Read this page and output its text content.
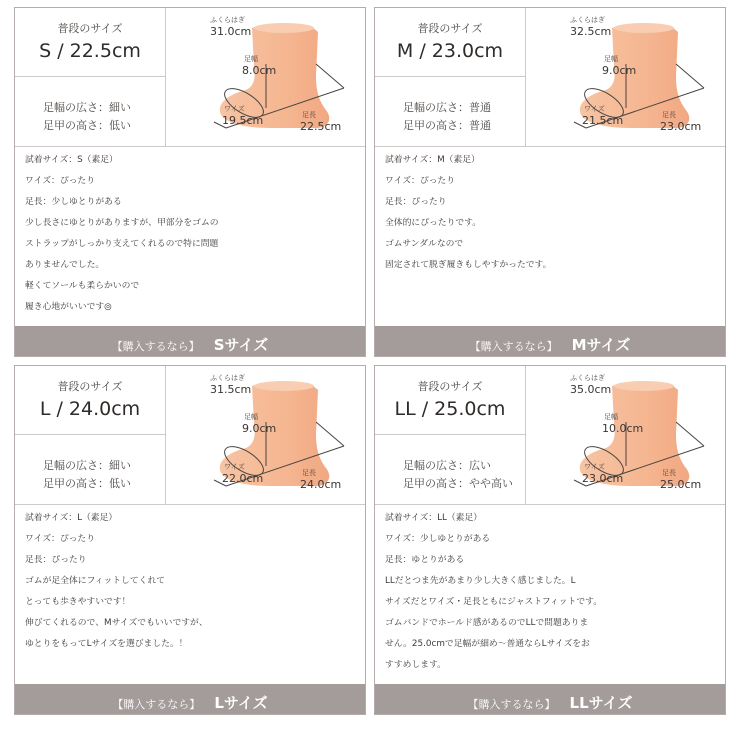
普段のサイズ
S / 22.5cm
足幅の広さ：細い
足甲の高さ：低い
ふくらはぎ
31.0cm
足幅
8.0cm
ワイズ
19.5cm	足長
22.5cm
試着サイズ：S（素足）
ワイズ：ぴったり
足長：少しゆとりがある
少し長さにゆとりがありますが、甲部分をゴムの
ストラップがしっかり支えてくれるので特に問題
ありませんでした。
軽くてソールも柔らかいので
履き心地がいいです◎
$_{【購入するなら】}$ Sサイズ
普段のサイズ
M / 23.0cm
足幅の広さ：普通
足甲の高さ：普通
ふくらはぎ
32.5cm
足幅
9.0cm
ワイズ
21.5cm	足長
23.0cm
試着サイズ：M（素足）
ワイズ：ぴったり
足長：ぴったり
全体的にぴったりです。
ゴムサンダルなので
固定されて脱ぎ履きもしやすかったです。
$_{【購入するなら】}$ Mサイズ
普段のサイズ
L / 24.0cm
足幅の広さ：細い
足甲の高さ：低い
ふくらはぎ
31.5cm
足幅
9.0cm
ワイズ
22.0cm	足長
24.0cm
試着サイズ：L（素足）
ワイズ：ぴったり
足長：ぴったり
ゴムが足全体にフィットしてくれて
とっても歩きやすいです！
伸びてくれるので、Mサイズでもいいですが、
ゆとりをもってLサイズを選びました。！
$_{【購入するなら】}$ Lサイズ
普段のサイズ
LL / 25.0cm
足幅の広さ：広い
足甲の高さ：やや高い
ふくらはぎ
35.0cm
足幅
10.0cm
ワイズ
23.0cm	足長
25.0cm
試着サイズ：LL（素足）
ワイズ：少しゆとりがある
足長：ゆとりがある
LLだとつま先があまり少し大きく感じました。L
サイズだとワイズ・足長ともにジャストフィットです。
ゴムバンドでホールド感があるのでLLで問題ありま
せん。25.0cmで足幅が細め〜普通ならLサイズをお
すすめします。
$_{【購入するなら】}$ LLサイズ
